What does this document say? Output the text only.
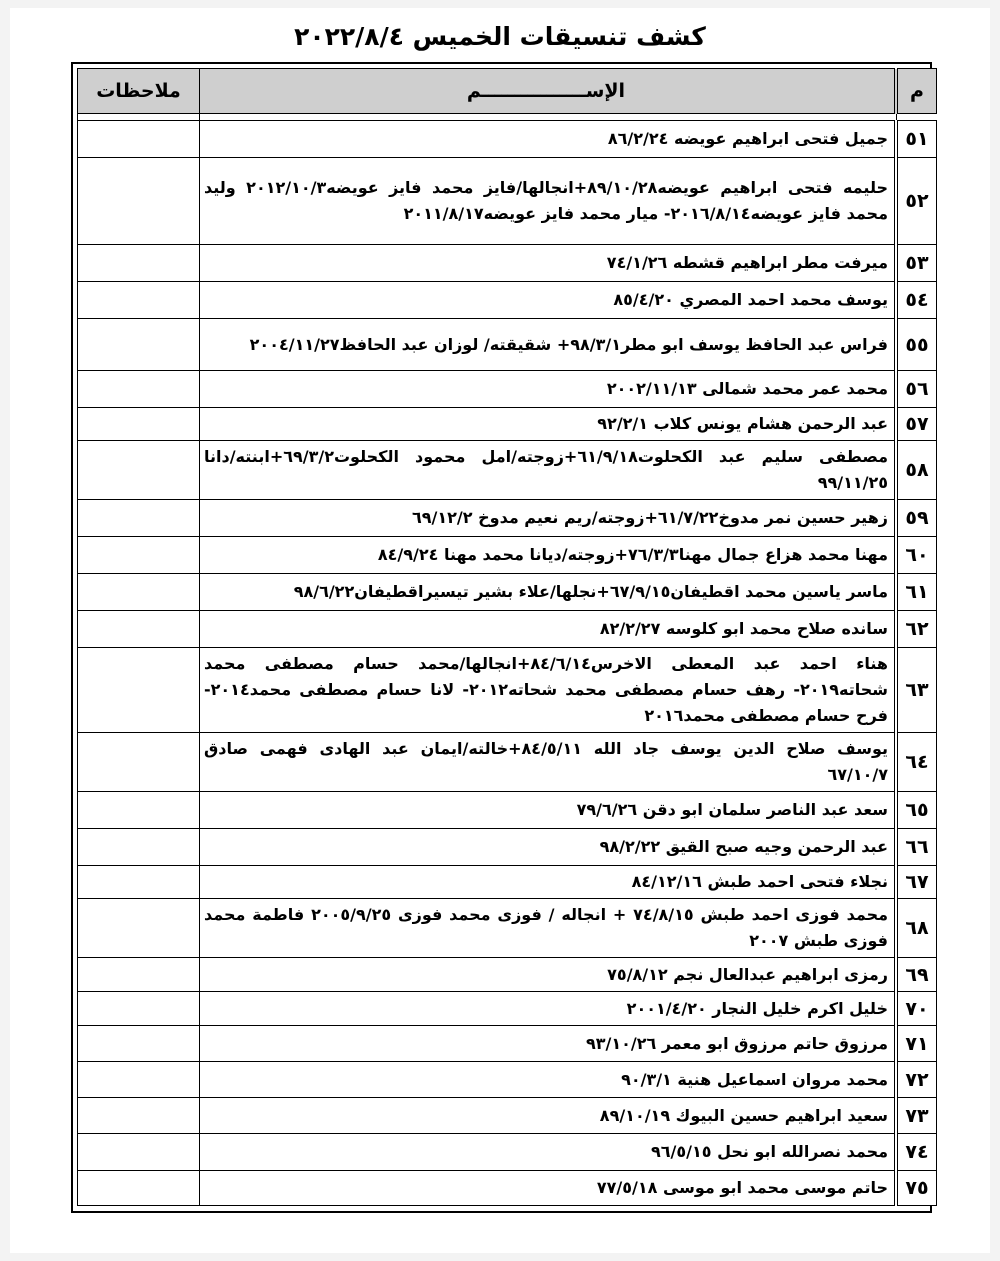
كشف تنسيقات الخميس ٢٠٢٢/٨/٤
م	الإســــــــــــــــم	ملاحظات

٥١	جميل فتحى ابراهيم عويضه ٨٦/٢/٢٤	
٥٢	حليمه فتحى ابراهيم عويضه٨٩/١٠/٢٨+انجالها/فايز محمد فايز عويضه٢٠١٢/١٠/٣ وليد محمد فايز عويضه٢٠١٦/٨/١٤- ميار محمد فايز عويضه٢٠١١/٨/١٧	
٥٣	ميرفت مطر ابراهيم قشطه ٧٤/١/٢٦	
٥٤	يوسف محمد احمد المصري ٨٥/٤/٢٠	
٥٥	فراس عبد الحافظ يوسف ابو مطر٩٨/٣/١+ شقيقته/ لوزان عبد الحافظ٢٠٠٤/١١/٢٧	
٥٦	محمد عمر محمد شمالى ٢٠٠٢/١١/١٣	
٥٧	عبد الرحمن هشام يونس كلاب ٩٢/٢/١	
٥٨	مصطفى سليم عبد الكحلوت٦١/٩/١٨+زوجته/امل محمود الكحلوت٦٩/٣/٢+ابنته/دانا ٩٩/١١/٢٥	
٥٩	زهير حسين نمر مدوخ٦١/٧/٢٢+زوجته/ريم نعيم مدوخ ٦٩/١٢/٢	
٦٠	مهنا محمد هزاع جمال مهنا٧٦/٣/٣+زوجته/ديانا محمد مهنا ٨٤/٩/٢٤	
٦١	ماسر ياسين محمد اقطيفان٦٧/٩/١٥+نجلها/علاء بشير تيسيراقطيفان٩٨/٦/٢٢	
٦٢	سانده صلاح محمد ابو كلوسه ٨٢/٢/٢٧	
٦٣	هناء احمد عبد المعطى الاخرس٨٤/٦/١٤+انجالها/محمد حسام مصطفى محمد شحاته٢٠١٩- رهف حسام مصطفى محمد شحاته٢٠١٢- لانا حسام مصطفى محمد٢٠١٤- فرح حسام مصطفى محمد٢٠١٦	
٦٤	يوسف صلاح الدين يوسف جاد الله ٨٤/٥/١١+خالته/ايمان عبد الهادى فهمى صادق ٦٧/١٠/٧	
٦٥	سعد عبد الناصر سلمان ابو دقن ٧٩/٦/٢٦	
٦٦	عبد الرحمن وجيه صبح القيق ٩٨/٢/٢٢	
٦٧	نجلاء فتحى احمد طبش ٨٤/١٢/١٦	
٦٨	محمد فوزى احمد طبش ٧٤/٨/١٥ + انجاله / فوزى محمد فوزى ٢٠٠٥/٩/٢٥ فاطمة محمد فوزى طبش ٢٠٠٧	
٦٩	رمزى ابراهيم عبدالعال نجم ٧٥/٨/١٢	
٧٠	خليل اكرم خليل النجار ٢٠٠١/٤/٢٠	
٧١	مرزوق حاتم مرزوق ابو معمر ٩٣/١٠/٢٦	
٧٢	محمد مروان اسماعيل هنية ٩٠/٣/١	
٧٣	سعيد ابراهيم حسين البيوك ٨٩/١٠/١٩	
٧٤	محمد نصرالله ابو نحل ٩٦/٥/١٥	
٧٥	حاتم موسى محمد ابو موسى ٧٧/٥/١٨	
